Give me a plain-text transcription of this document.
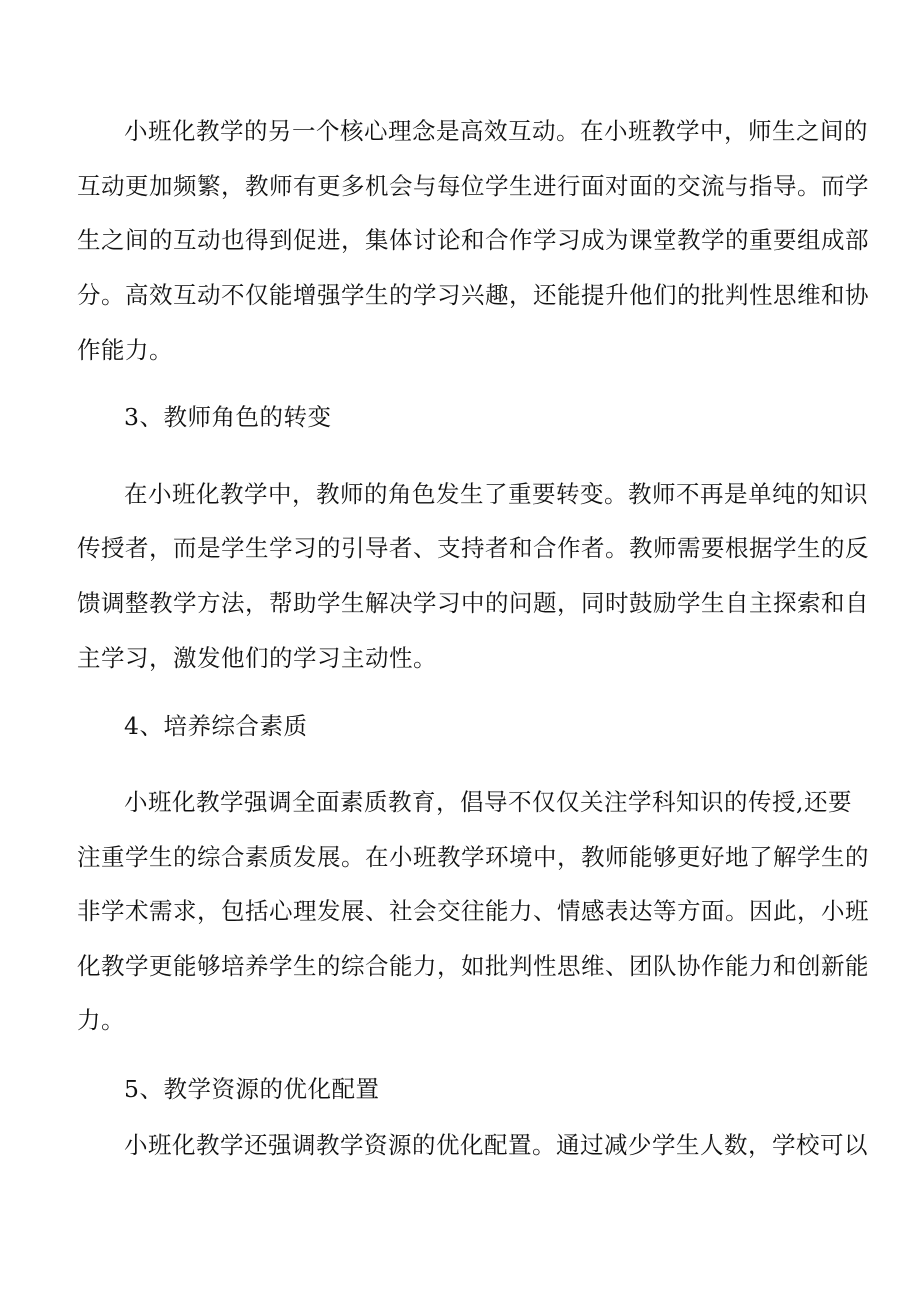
小班化教学的另一个核心理念是高效互动。在小班教学中，师生之间的
互动更加频繁，教师有更多机会与每位学生进行面对面的交流与指导。而学
生之间的互动也得到促进，集体讨论和合作学习成为课堂教学的重要组成部
分。高效互动不仅能增强学生的学习兴趣，还能提升他们的批判性思维和协
作能力。
3、教师角色的转变
在小班化教学中，教师的角色发生了重要转变。教师不再是单纯的知识
传授者，而是学生学习的引导者、支持者和合作者。教师需要根据学生的反
馈调整教学方法，帮助学生解决学习中的问题，同时鼓励学生自主探索和自
主学习，激发他们的学习主动性。
4、培养综合素质
小班化教学强调全面素质教育，倡导不仅仅关注学科知识的传授,还要
注重学生的综合素质发展。在小班教学环境中，教师能够更好地了解学生的
非学术需求，包括心理发展、社会交往能力、情感表达等方面。因此，小班
化教学更能够培养学生的综合能力，如批判性思维、团队协作能力和创新能
力。
5、教学资源的优化配置
小班化教学还强调教学资源的优化配置。通过减少学生人数，学校可以
